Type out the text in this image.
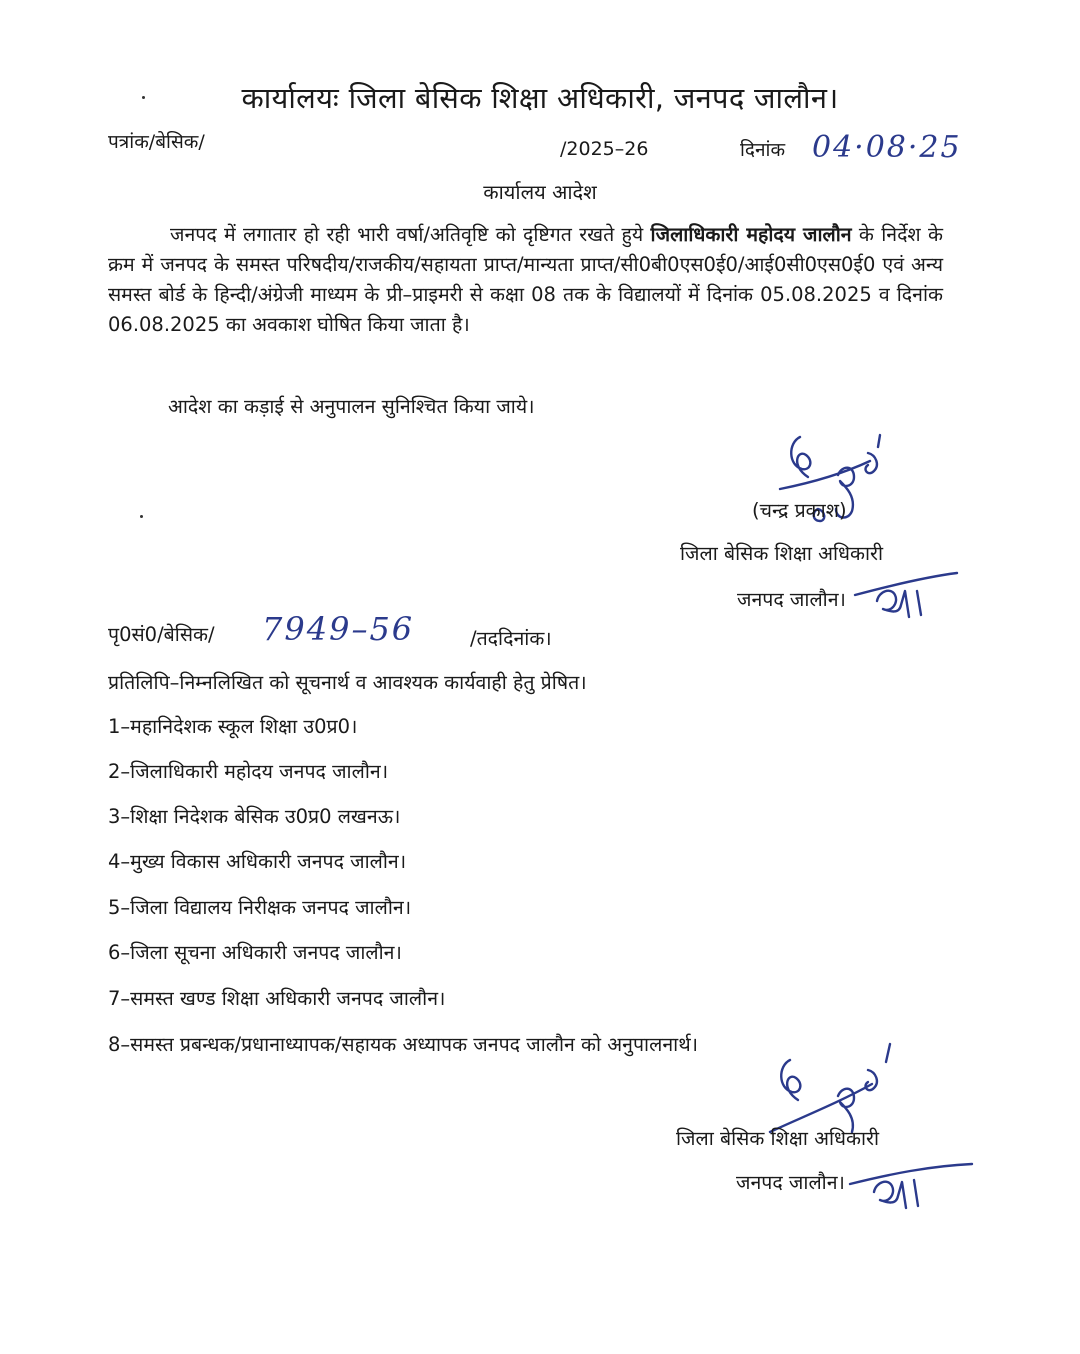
कार्यालयः जिला बेसिक शिक्षा अधिकारी, जनपद जालौन।
पत्रांक/बेसिक/	/2025–26	दिनांक 04·08·25
कार्यालय आदेश
जनपद में लगातार हो रही भारी वर्षा/अतिवृष्टि को दृष्टिगत रखते हुये जिलाधिकारी महोदय जालौन के निर्देश के क्रम में जनपद के समस्त परिषदीय/राजकीय/सहायता प्राप्त/मान्यता प्राप्त/सी0बी0एस0ई0/आई0सी0एस0ई0 एवं अन्य समस्त बोर्ड के हिन्दी/अंग्रेजी माध्यम के प्री–प्राइमरी से कक्षा 08 तक के विद्यालयों में दिनांक 05.08.2025 व दिनांक 06.08.2025 का अवकाश घोषित किया जाता है।
आदेश का कड़ाई से अनुपालन सुनिश्चित किया जाये।
(चन्द्र प्रकाश)
जिला बेसिक शिक्षा अधिकारी
जनपद जालौन।
पृ0सं0/बेसिक/ 7949–56	/तददिनांक।
प्रतिलिपि–निम्नलिखित को सूचनार्थ व आवश्यक कार्यवाही हेतु प्रेषित।
1–महानिदेशक स्कूल शिक्षा उ0प्र0।
2–जिलाधिकारी महोदय जनपद जालौन।
3–शिक्षा निदेशक बेसिक उ0प्र0 लखनऊ।
4–मुख्य विकास अधिकारी जनपद जालौन।
5–जिला विद्यालय निरीक्षक जनपद जालौन।
6–जिला सूचना अधिकारी जनपद जालौन।
7–समस्त खण्ड शिक्षा अधिकारी जनपद जालौन।
8–समस्त प्रबन्धक/प्रधानाध्यापक/सहायक अध्यापक जनपद जालौन को अनुपालनार्थ।
जिला बेसिक शिक्षा अधिकारी
जनपद जालौन।
